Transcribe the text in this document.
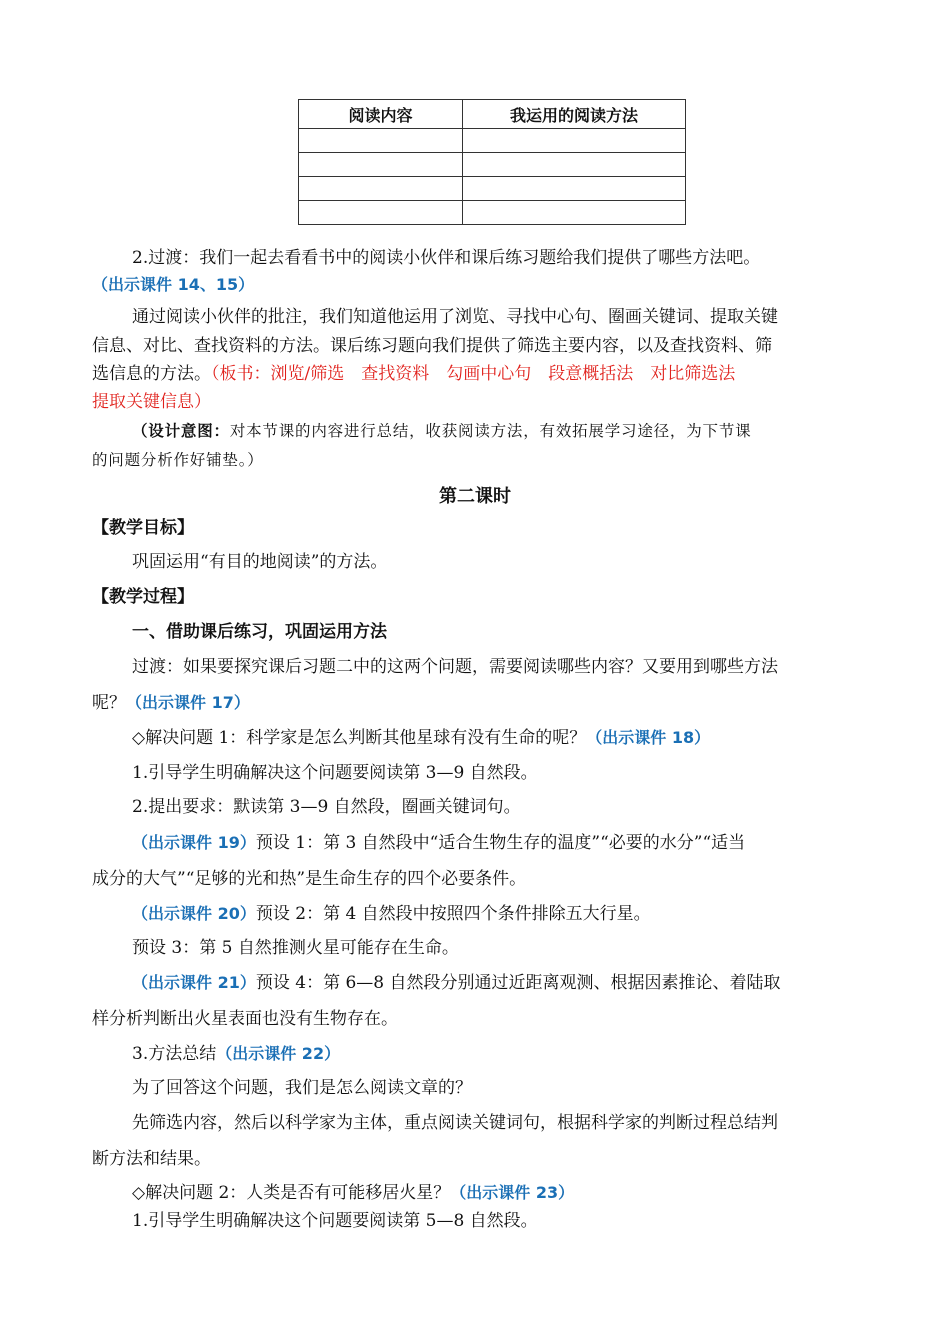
阅读内容	我运用的阅读方法

2.过渡：我们一起去看看书中的阅读小伙伴和课后练习题给我们提供了哪些方法吧。
（出示课件 14、15）
通过阅读小伙伴的批注，我们知道他运用了浏览、寻找中心句、圈画关键词、提取关键
信息、对比、查找资料的方法。课后练习题向我们提供了筛选主要内容，以及查找资料、筛
选信息的方法。（板书：浏览/筛选　查找资料　勾画中心句　段意概括法　对比筛选法
提取关键信息）
（设计意图：对本节课的内容进行总结，收获阅读方法，有效拓展学习途径，为下节课
的问题分析作好铺垫。）
第二课时
【教学目标】
巩固运用“有目的地阅读”的方法。
【教学过程】
一、借助课后练习，巩固运用方法
过渡：如果要探究课后习题二中的这两个问题，需要阅读哪些内容？又要用到哪些方法
呢？（出示课件 17）
◇解决问题 1：科学家是怎么判断其他星球有没有生命的呢？（出示课件 18）
1.引导学生明确解决这个问题要阅读第 3—9 自然段。
2.提出要求：默读第 3—9 自然段，圈画关键词句。
（出示课件 19）预设 1：第 3 自然段中“适合生物生存的温度”“必要的水分”“适当
成分的大气”“足够的光和热”是生命生存的四个必要条件。
（出示课件 20）预设 2：第 4 自然段中按照四个条件排除五大行星。
预设 3：第 5 自然推测火星可能存在生命。
（出示课件 21）预设 4：第 6—8 自然段分别通过近距离观测、根据因素推论、着陆取
样分析判断出火星表面也没有生物存在。
3.方法总结（出示课件 22）
为了回答这个问题，我们是怎么阅读文章的？
先筛选内容，然后以科学家为主体，重点阅读关键词句，根据科学家的判断过程总结判
断方法和结果。
◇解决问题 2：人类是否有可能移居火星？（出示课件 23）
1.引导学生明确解决这个问题要阅读第 5—8 自然段。
